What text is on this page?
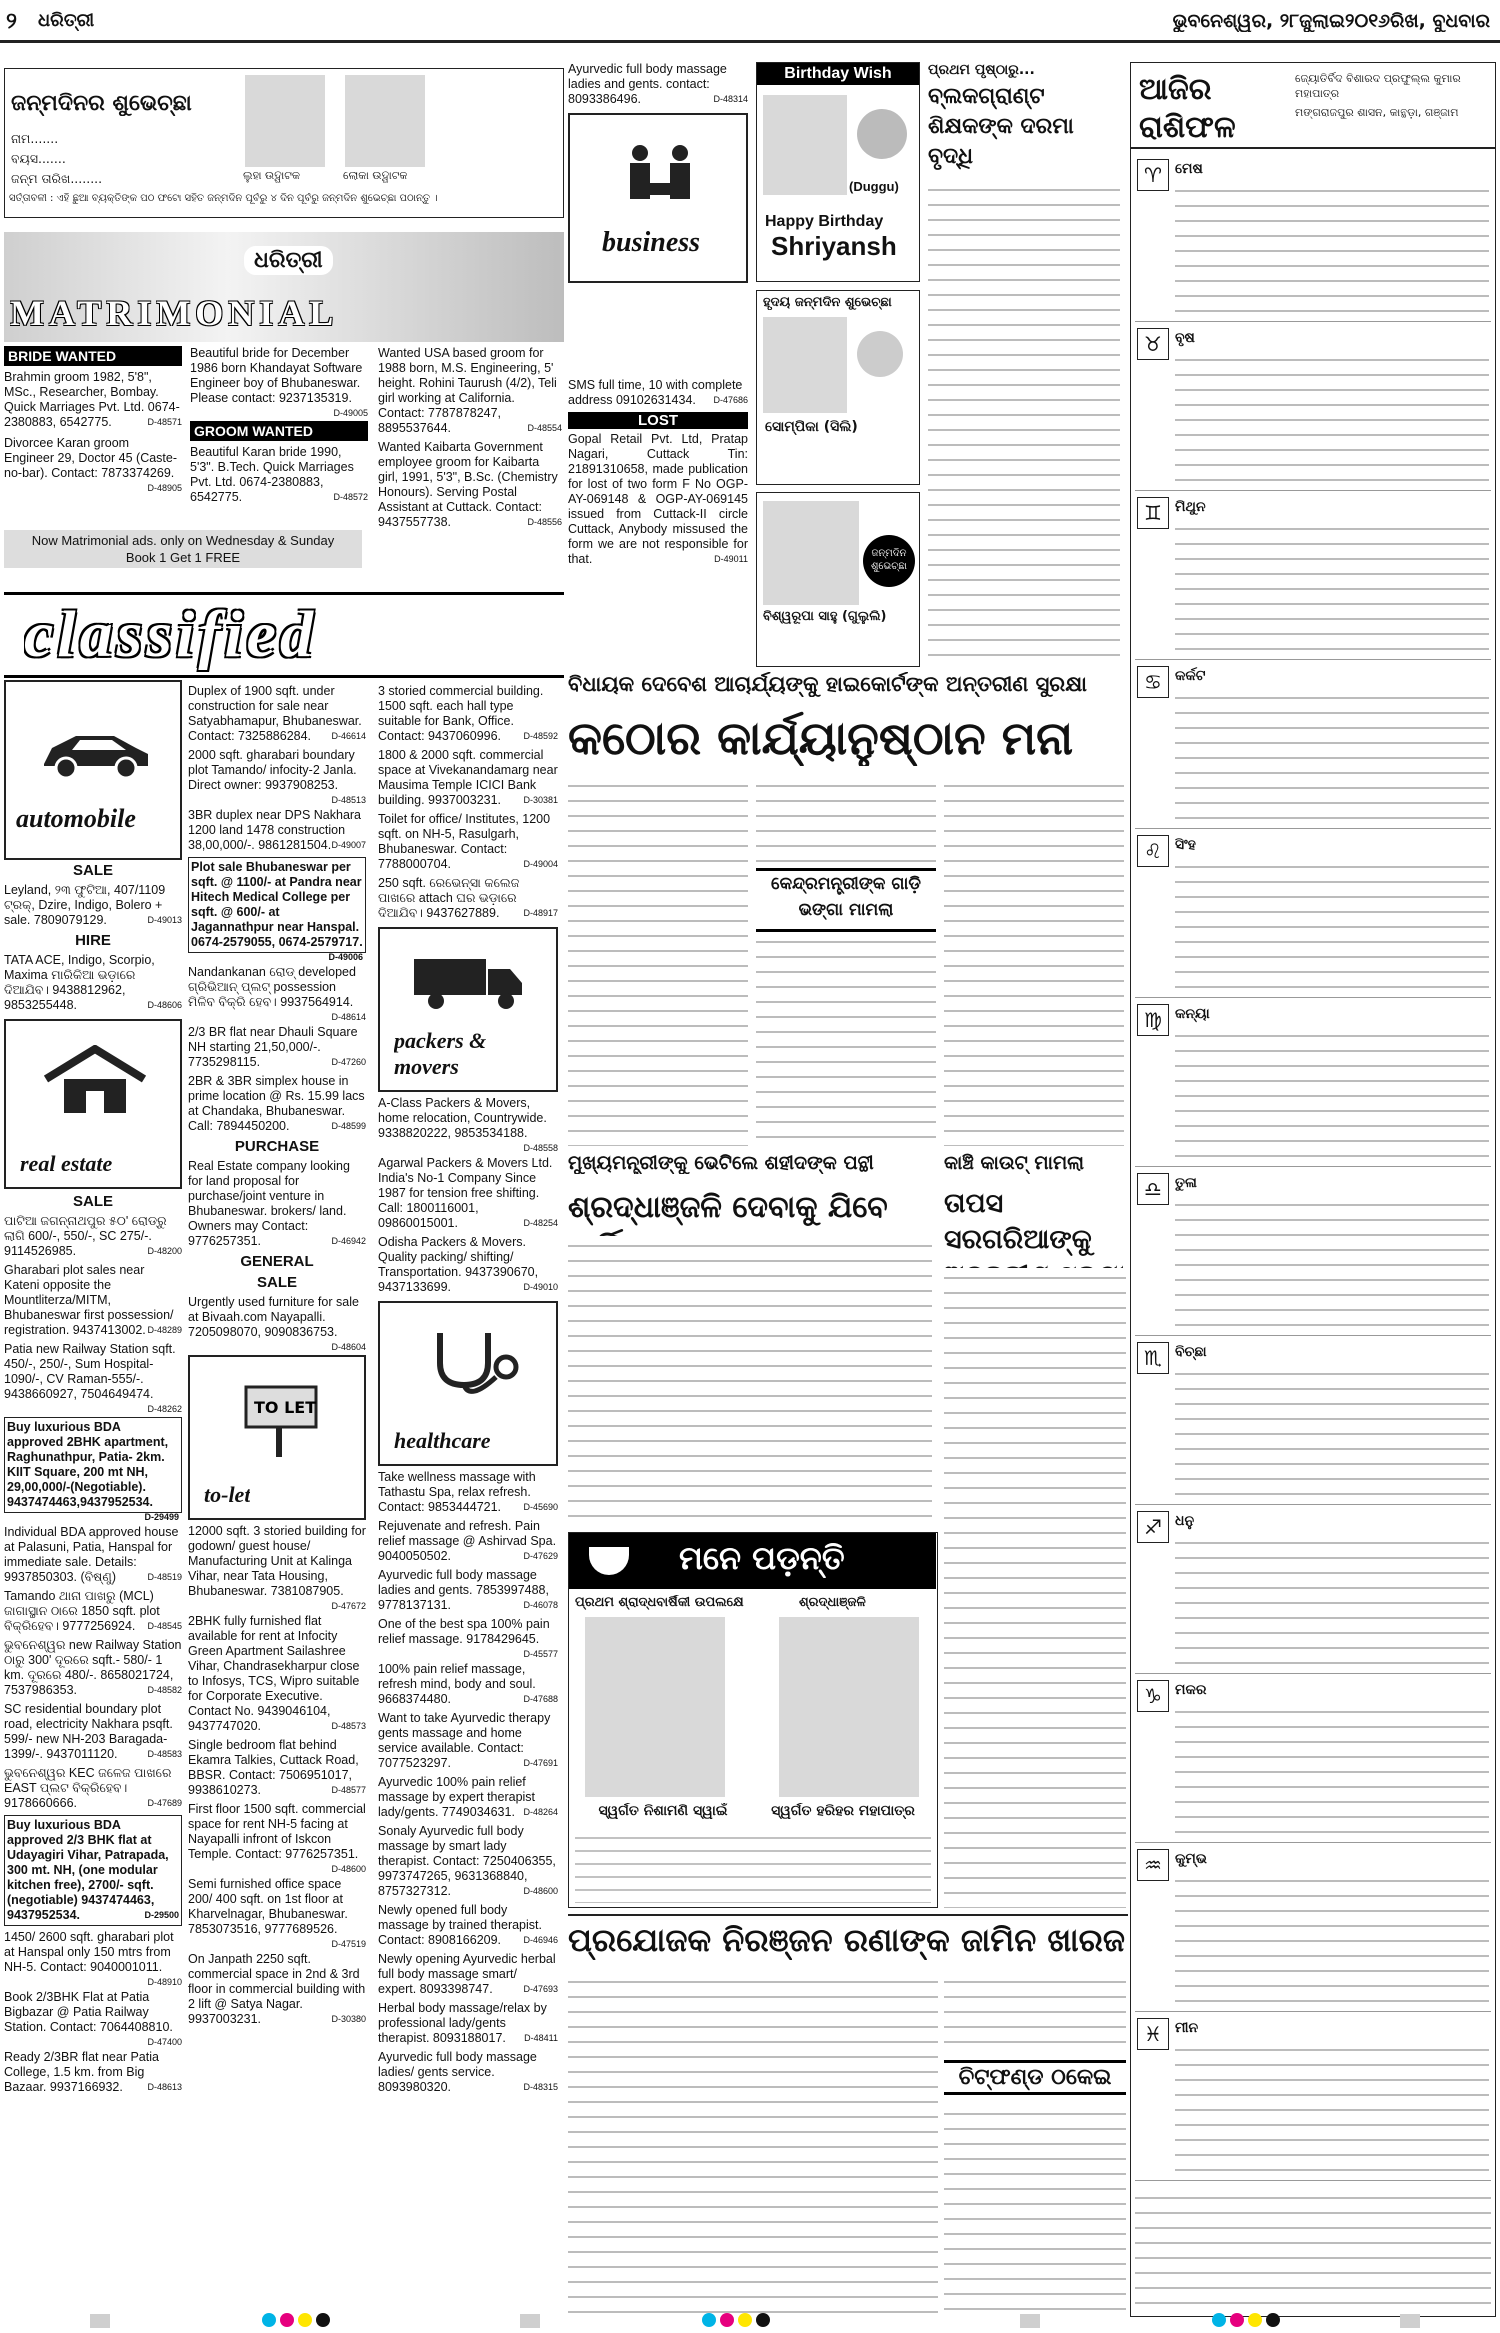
୨ ଧରିତ୍ରୀ	ଭୁବନେଶ୍ୱର, ୨୮ଜୁଲାଇ୨୦୧୬ରିଖ, ବୁଧବାର
ଜନ୍ମଦିନର ଶୁଭେଚ୍ଛା
ନାମ.......
ବୟସ.......
ଜନ୍ମ ତାରିଖ........	ଲୁହା ଉଦ୍ଘାଟକ	ଲୋକା ଉଦ୍ଘାଟକ
ସର୍ତ୍ତାବଳୀ : ଏହି ଛୁଆ ବ୍ୟକ୍ତିଙ୍କ ପଠ ଫଟୋ ସହିତ ଜନ୍ମଦିନ ପୂର୍ବରୁ ୪ ଦିନ ପୂର୍ବରୁ ଜନ୍ମଦିନ ଶୁଭେଚ୍ଛା ପଠାନ୍ତୁ ।
MATRIMONIAL
ଧରିତ୍ରୀ
BRIDE WANTED
Brahmin groom 1982, 5'8", MSc., Researcher, Bombay. Quick Marriages Pvt. Ltd. 0674-2380883, 6542775.	D-48571
Divorcee Karan groom Engineer 29, Doctor 45 (Caste-no-bar). Contact: 7873374269.
D-48905
Beautiful bride for December 1986 born Khandayat Software Engineer boy of Bhubaneswar. Please contact: 9237135319.
D-49005
GROOM WANTED
Beautiful Karan bride 1990, 5'3". B.Tech. Quick Marriages Pvt. Ltd. 0674-2380883, 6542775.	D-48572
Wanted USA based groom for 1988 born, M.S. Engineering, 5' height. Rohini Taurush (4/2), Teli girl working at California. Contact: 7787878247, 8895537644.	D-48554
Wanted Kaibarta Government employee groom for Kaibarta girl, 1991, 5'3", B.Sc. (Chemistry Honours). Serving Postal Assistant at Cuttack. Contact: 9437557738.	D-48556
Now Matrimonial ads. only on Wednesday & Sunday
Book 1 Get 1 FREE
classified
automobile
SALE
Leyland, ୨୩ ଫୁଟିଆ, 407/1109 ଟ୍ରକ୍, Dzire, Indigo, Bolero + sale. 7809079129.	D-49013
HIRE
TATA ACE, Indigo, Scorpio, Maxima ମାରିକିଆ ଭଡ଼ାରେ ଦିଆଯିବ। 9438812962, 9853255448.	D-48606
real estate
SALE
ପାଟିଆ ଜଗନ୍ନାଥପୁର ୫୦' ରୋଡ୍‌ରୁ ଲାଗି 600/-, 550/-, SC 275/-. 9114526985.	D-48200
Gharabari plot sales near Kateni opposite the Mountliterza/MITM, Bhubaneswar first possession/ registration. 9437413002. D-48289
Patia new Railway Station sqft. 450/-, 250/-, Sum Hospital-1090/-, CV Raman-555/-. 9438660927, 7504649474.
D-48262
Buy luxurious BDA approved 2BHK apartment, Raghunathpur, Patia- 2km. KIIT Square, 200 mt NH, 29,00,000/-(Negotiable). 9437474463,9437952534.
D-29499
Individual BDA approved house at Palasuni, Patia, Hanspal for immediate sale. Details: 9937850303. (ବିଷ୍ଣୁ)	D-48519
Tamando ଥାନା ପାଖରୁ (MCL) ଜାଗାସ୍ଥାନ ଠାରେ 1850 sqft. plot ବିକ୍ରିହେବ। 9777256924. D-48545
ଭୁବନେଶ୍ୱର new Railway Station ଠାରୁ 300' ଦୂରରେ sqft.- 580/- 1 km. ଦୂରରେ 480/-. 8658021724, 7537986353.	D-48582
SC residential boundary plot road, electricity Nakhara psqft. 599/- new NH-203 Baragada-1399/-. 9437011120.	D-48583
ଭୁବନେଶ୍ୱର KEC ଜଳେଜ ପାଖରେ EAST ପ୍ଲଟ ବିକ୍ରିହେବ। 9178660666.	D-47689
Buy luxurious BDA approved 2/3 BHK flat at Udayagiri Vihar, Patrapada, 300 mt. NH, (one modular kitchen free), 2700/- sqft. (negotiable) 9437474463, 9437952534.	D-29500
1450/ 2600 sqft. gharabari plot at Hanspal only 150 mtrs from NH-5. Contact: 9040001011.
D-48910
Book 2/3BHK Flat at Patia Bigbazar @ Patia Railway Station. Contact: 7064408810.
D-47400
Ready 2/3BR flat near Patia College, 1.5 km. from Big Bazaar. 9937166932.	D-48613
Duplex of 1900 sqft. under construction for sale near Satyabhamapur, Bhubaneswar. Contact: 7325886284. D-46614
2000 sqft. gharabari boundary plot Tamando/ infocity-2 Janla. Direct owner: 9937908253.
D-48513
3BR duplex near DPS Nakhara 1200 land 1478 construction 38,00,000/-. 9861281504. D-49007
Plot sale Bhubaneswar per sqft. @ 1100/- at Pandra near Hitech Medical College per sqft. @ 600/- at Jagannathpur near Hanspal. 0674-2579055, 0674-2579717.
D-49006
Nandankanan ରୋଡ୍ developed ଗ୍ରିଭିଆନ୍ ପ୍ଲଟ୍ possession ମିଳିବ ବିକ୍ରି ହେବ। 9937564914.
D-48614
2/3 BR flat near Dhauli Square NH starting 21,50,000/-. 7735298115.	D-47260
2BR & 3BR simplex house in prime location @ Rs. 15.99 lacs at Chandaka, Bhubaneswar. Call: 7894450200.	D-48599
PURCHASE
Real Estate company looking for land proposal for purchase/joint venture in Bhubaneswar. brokers/ land. Owners may Contact: 9776257351.	D-46942
GENERAL
SALE
Urgently used furniture for sale at Bivaah.com Nayapalli. 7205098070, 9090836753.
D-48604
TO LET
to-let
12000 sqft. 3 storied building for godown/ guest house/ Manufacturing Unit at Kalinga Vihar, near Tata Housing, Bhubaneswar. 7381087905.
D-47672
2BHK fully furnished flat available for rent at Infocity Green Apartment Sailashree Vihar, Chandrasekharpur close to Infosys, TCS, Wipro suitable for Corporate Executive. Contact No. 9439046104, 9437747020.	D-48573
Single bedroom flat behind Ekamra Talkies, Cuttack Road, BBSR. Contact: 7506951017, 9938610273.	D-48577
First floor 1500 sqft. commercial space for rent NH-5 facing at Nayapalli infront of Iskcon Temple. Contact: 9776257351.
D-48600
Semi furnished office space 200/ 400 sqft. on 1st floor at Kharvelnagar, Bhubaneswar. 7853073516, 9777689526.
D-47519
On Janpath 2250 sqft. commercial space in 2nd & 3rd floor in commercial building with 2 lift @ Satya Nagar. 9937003231.	D-30380
3 storied commercial building. 1500 sqft. each hall type suitable for Bank, Office. Contact: 9437060996. D-48592
1800 & 2000 sqft. commercial space at Vivekanandamarg near Mausima Temple ICICI Bank building. 9937003231. D-30381
Toilet for office/ Institutes, 1200 sqft. on NH-5, Rasulgarh, Bhubaneswar. Contact: 7788000704.	D-49004
250 sqft. ରେଭେନ୍ସା କଲେଜ ପାଖରେ attach ଘର ଭଡ଼ାରେ ଦିଆଯିବ। 9437627889.	D-48917
packers & movers
A-Class Packers & Movers, home relocation, Countrywide. 9338820222, 9853534188.
D-48558
Agarwal Packers & Movers Ltd. India's No-1 Company Since 1987 for tension free shifting. Call: 1800116001, 09860015001.	D-48254
Odisha Packers & Movers. Quality packing/ shifting/ Transportation. 9437390670, 9437133699.	D-49010
healthcare
Take wellness massage with Tathastu Spa, relax refresh. Contact: 9853444721. D-45690
Rejuvenate and refresh. Pain relief massage @ Ashirvad Spa. 9040050502.	D-47629
Ayurvedic full body massage ladies and gents. 7853997488, 9778137131.	D-46078
One of the best spa 100% pain relief massage. 9178429645.
D-45577
100% pain relief massage, refresh mind, body and soul. 9668374480.	D-47688
Want to take Ayurvedic therapy gents massage and home service available. Contact: 7077523297.	D-47691
Ayurvedic 100% pain relief massage by expert therapist lady/gents. 7749034631. D-48264
Sonaly Ayurvedic full body massage by smart lady therapist. Contact: 7250406355, 9973747265, 9631368840, 8757327312.	D-48600
Newly opened full body massage by trained therapist. Contact: 8908166209. D-46946
Newly opening Ayurvedic herbal full body massage smart/ expert. 8093398747.	D-47693
Herbal body massage/relax by professional lady/gents therapist. 8093188017. D-48411
Ayurvedic full body massage ladies/ gents service. 8093980320.	D-48315
Ayurvedic full body massage ladies and gents. contact: 8093386496.	D-48314
business
Birthday Wish
(Duggu)
Happy Birthday
Shriyansh
ହୃଦୟ ଜନ୍ମଦିନ ଶୁଭେଚ୍ଛା
ସୋମ୍ପିକା (ସିଲି)
ଜନ୍ମଦିନ ଶୁଭେଚ୍ଛା
ବିଶ୍ୱରୂପା ସାହୁ (ଗୁଲୁଲି)
SMS full time, 10 with complete address 09102631434. D-47686
LOST
Gopal Retail Pvt. Ltd, Pratap Nagari, Cuttack Tin: 21891310658, made publication for lost of two form F No OGP-AY-069148 & OGP-AY-069145 issued from Cuttack-II circle Cuttack, Anybody missused the form we are not responsible for that.	D-49011
ପ୍ରଥମ ପୃଷ୍ଠାରୁ...
ବ୍ଲକଗ୍ରାଣ୍ଟ ଶିକ୍ଷକଙ୍କ ଦରମା ବୃଦ୍ଧି
ଆଜିର ରାଶିଫଳ
ଜ୍ୟୋତିର୍ବିଦ ବିଶାରଦ ପ୍ରଫୁଲ୍ଲ କୁମାର ମହାପାତ୍ର
ମଙ୍ଗରାଜପୁର ଶାସନ, କାନ୍ଥଡ଼ା, ଗଞ୍ଜାମ
♈ ମେଷ
♉ ବୃଷ
♊ ମିଥୁନ
♋ କର୍କଟ
♌ ସିଂହ
♍ କନ୍ୟା
♎ ତୁଳା
♏ ବିଚ୍ଛା
♐ ଧନୁ
♑ ମକର
♒ କୁମ୍ଭ
♓ ମୀନ
ବିଧାୟକ ଦେବେଶ ଆଚାର୍ଯ୍ୟଙ୍କୁ ହାଇକୋର୍ଟଙ୍କ ଅନ୍ତରୀଣ ସୁରକ୍ଷା
କଠୋର କାର୍ଯ୍ୟାନୁଷ୍ଠାନ ମନା
କେନ୍ଦ୍ରମନ୍ତ୍ରୀଙ୍କ ଗାଡ଼ି ଭଙ୍ଗା ମାମଲା
ମୁଖ୍ୟମନ୍ତ୍ରୀଙ୍କୁ ଭେଟିଲେ ଶହୀଦଙ୍କ ପନ୍ଥୀ
ଶ୍ରଦ୍ଧାଞ୍ଜଳି ଦେବାକୁ ଯିବେ
କାଞ୍ଚି କାଉଟ୍ ମାମଲା
ତାପସ ସରଗରିଆଙ୍କୁ
ମନେ ପଡ଼ନ୍ତି
ପ୍ରଥମ ଶ୍ରାଦ୍ଧବାର୍ଷିକୀ ଉପଲକ୍ଷେ	ଶ୍ରଦ୍ଧାଞ୍ଜଳି
ସ୍ୱର୍ଗତ ନିଶାମଣି ସ୍ୱାଇଁ	ସ୍ୱର୍ଗତ ହରିହର ମହାପାତ୍ର
ପ୍ରଯୋଜକ ନିରଞ୍ଜନ ରଣାଙ୍କ ଜାମିନ ଖାରଜ
ଚିଟ୍‌ଫଣ୍ଡ ଠକେଇ
